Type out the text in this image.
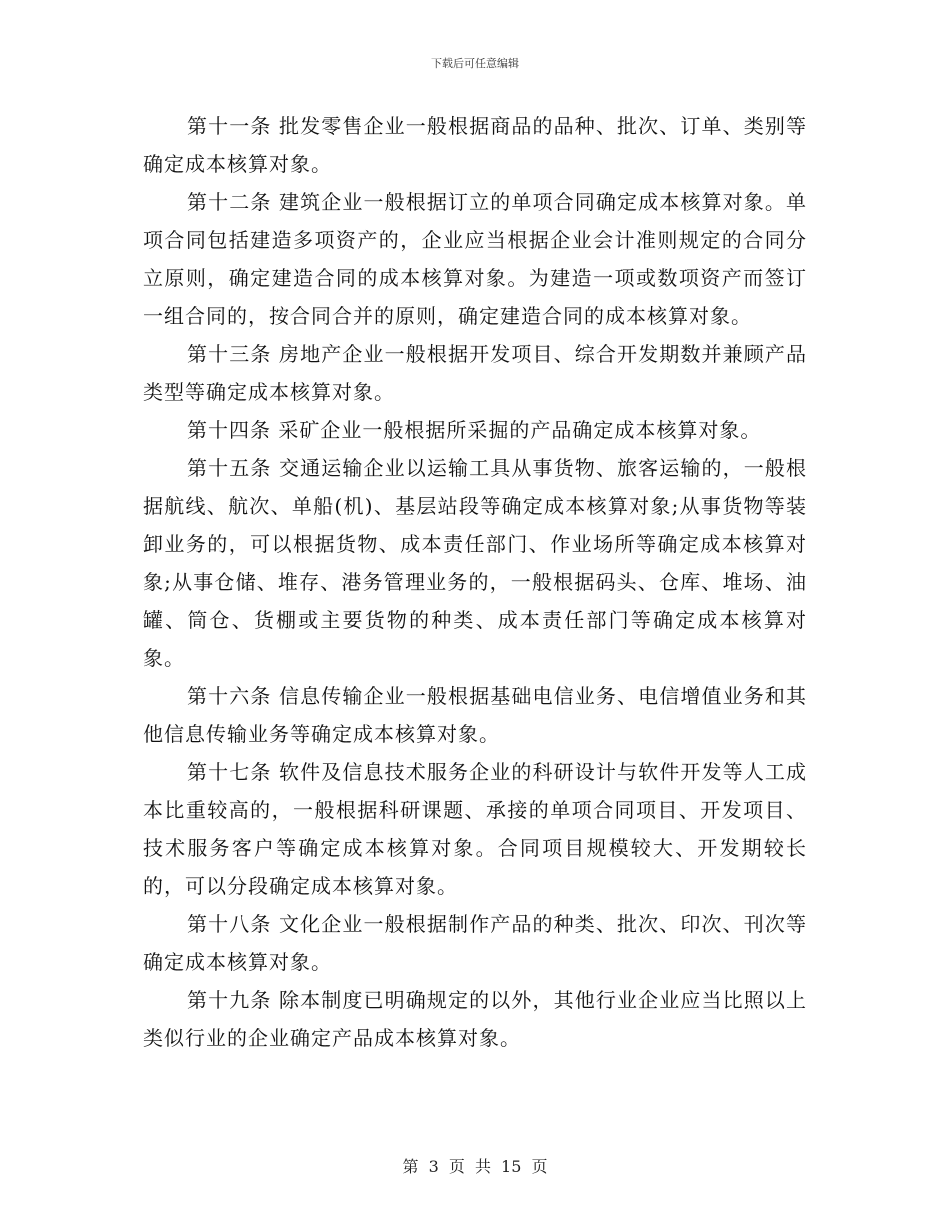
下载后可任意编辑

第十一条 批发零售企业一般根据商品的品种、批次、订单、类别等确定成本核算对象。

第十二条 建筑企业一般根据订立的单项合同确定成本核算对象。单项合同包括建造多项资产的，企业应当根据企业会计准则规定的合同分立原则，确定建造合同的成本核算对象。为建造一项或数项资产而签订一组合同的，按合同合并的原则，确定建造合同的成本核算对象。

第十三条 房地产企业一般根据开发项目、综合开发期数并兼顾产品类型等确定成本核算对象。

第十四条 采矿企业一般根据所采掘的产品确定成本核算对象。

第十五条 交通运输企业以运输工具从事货物、旅客运输的，一般根据航线、航次、单船(机)、基层站段等确定成本核算对象;从事货物等装卸业务的，可以根据货物、成本责任部门、作业场所等确定成本核算对象;从事仓储、堆存、港务管理业务的，一般根据码头、仓库、堆场、油罐、筒仓、货棚或主要货物的种类、成本责任部门等确定成本核算对象。

第十六条 信息传输企业一般根据基础电信业务、电信增值业务和其他信息传输业务等确定成本核算对象。

第十七条 软件及信息技术服务企业的科研设计与软件开发等人工成本比重较高的，一般根据科研课题、承接的单项合同项目、开发项目、技术服务客户等确定成本核算对象。合同项目规模较大、开发期较长的，可以分段确定成本核算对象。

第十八条 文化企业一般根据制作产品的种类、批次、印次、刊次等确定成本核算对象。

第十九条 除本制度已明确规定的以外，其他行业企业应当比照以上类似行业的企业确定产品成本核算对象。

第 3 页 共 15 页
